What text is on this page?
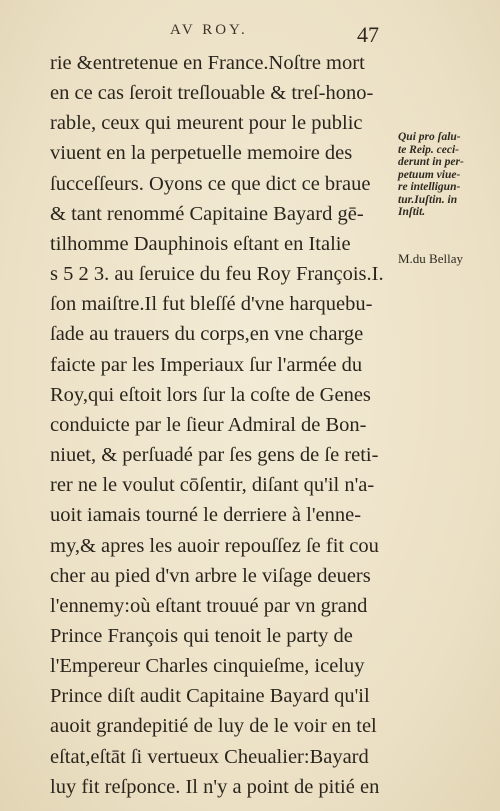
AV ROY.	47
rie &entretenue en France.Noſtre mort
en ce cas ſeroit treſlouable & treſ-hono-
rable, ceux qui meurent pour le public
viuent en la perpetuelle memoire des
ſucceſſeurs. Oyons ce que dict ce braue
& tant renommé Capitaine Bayard gē-
tilhomme Dauphinois eſtant en Italie
s 5 2 3. au ſeruice du feu Roy François.I.
ſon maiſtre.Il fut bleſſé d'vne harquebu-
ſade au trauers du corps,en vne charge
faicte par les Imperiaux ſur l'armée du
Roy,qui eſtoit lors ſur la coſte de Genes
conduicte par le ſieur Admiral de Bon-
niuet, & perſuadé par ſes gens de ſe reti-
rer ne le voulut cōſentir, diſant qu'il n'a-
uoit iamais tourné le derriere à l'enne-
my,& apres les auoir repouſſez ſe fit cou
cher au pied d'vn arbre le viſage deuers
l'ennemy:où eſtant trouué par vn grand
Prince François qui tenoit le party de
l'Empereur Charles cinquieſme, iceluy
Prince diſt audit Capitaine Bayard qu'il
auoit grandepitié de luy de le voir en tel
eſtat,eſtāt ſi vertueux Cheualier:Bayard
luy fit reſponce. Il n'y a point de pitié en
Qui pro ſalu-
te Reip. ceci-
derunt in per-
petuum viue-
re intelligun-
tur.Iuſtin. in
Inſtit.
M.du Bellay
